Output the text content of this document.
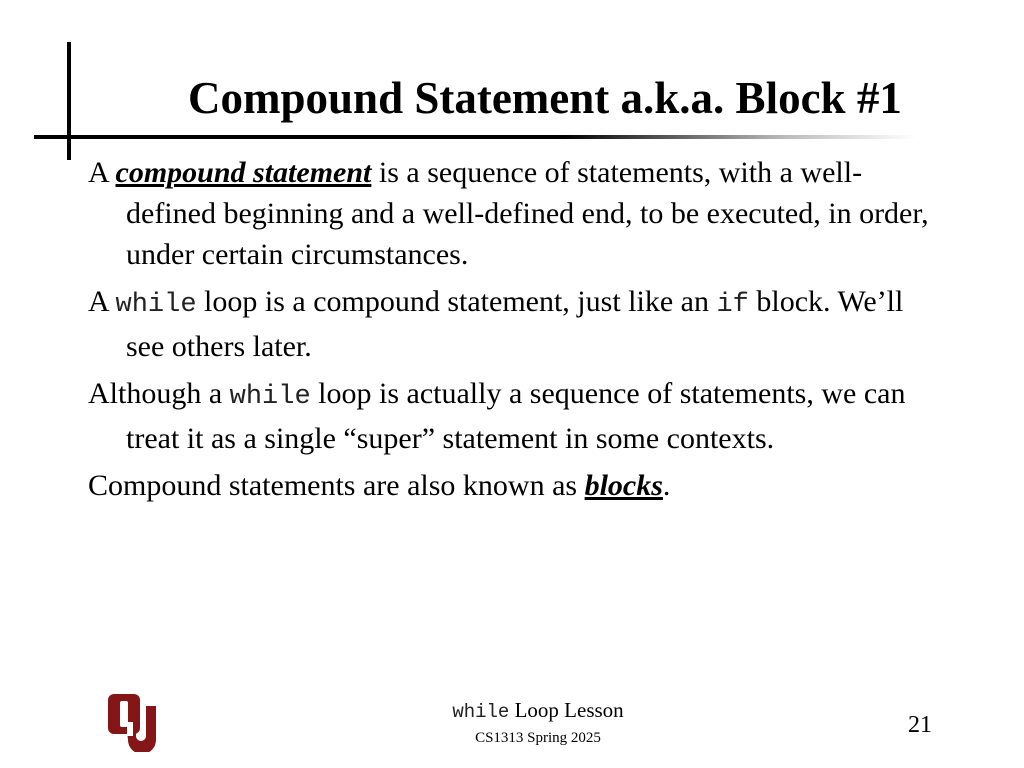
Compound Statement a.k.a. Block #1

A compound statement is a sequence of statements, with a well-defined beginning and a well-defined end, to be executed, in order, under certain circumstances.

A while loop is a compound statement, just like an if block. We’ll see others later.

Although a while loop is actually a sequence of statements, we can treat it as a single “super” statement in some contexts.

Compound statements are also known as blocks.

while Loop Lesson
CS1313 Spring 2025	21
